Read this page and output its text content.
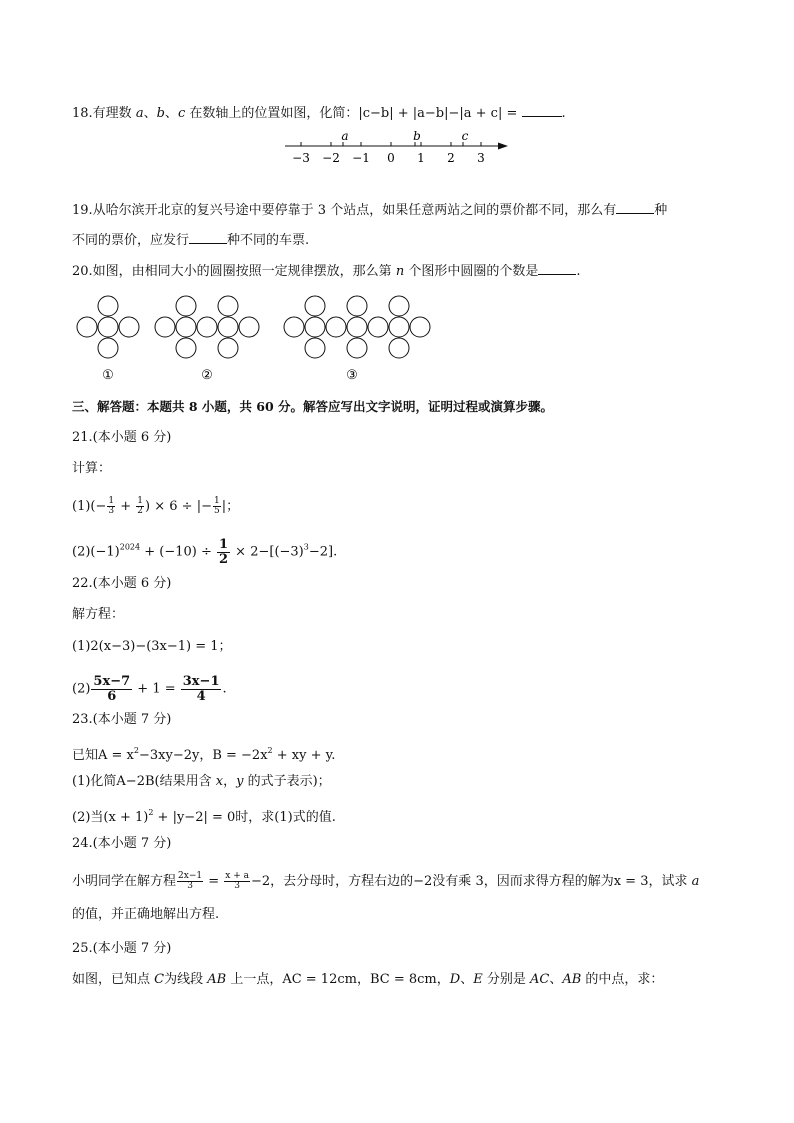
18.有理数 a、b、c 在数轴上的位置如图，化简：|c−b| + |a−b|−|a + c| =	.
−3 −2 −1 0 1 2 3
a	b	c
19.从哈尔滨开北京的复兴号途中要停靠于 3 个站点，如果任意两站之间的票价都不同，那么有	种
不同的票价，应发行	种不同的车票.
20.如图，由相同大小的圆圈按照一定规律摆放，那么第 n 个图形中圆圈的个数是	.
①	②	③
三、解答题：本题共 8 小题，共 60 分。解答应写出文字说明，证明过程或演算步骤。
21.(本小题 6 分)
计算：
$(1)(- \frac{1}{3} + \frac{1}{2}$ ) × 6 ÷ |− $\frac{1}{5}$ |；
$(2)(-1)^{2024} + (-10) \div \frac{1}{2} \times 2-[(-3)^3-2]$.
22.(本小题 6 分)
解方程：
(1)2(x−3)−(3x−1) = 1；
$(2) \frac{5x-7}{6} + 1 = \frac{3x-1}{4}$ .
23.(本小题 7 分)
已知$A = x^2-3xy-2y$，$B = -2x^2$ + xy + y.
(1)化简A−2B(结果用含 x，y 的式子表示)；
(2)当$(x + 1)^2 + |y-2| = 0$时，求(1)式的值.
24.(本小题 7 分)
小明同学在解方程 $\frac{2x-1}{3} = \frac{x + a}{3} -2$，去分母时，方程右边的−2没有乘 3，因而求得方程的解为x = 3，试求 a
的值，并正确地解出方程.
25.(本小题 7 分)
如图，已知点 C为线段 AB 上一点，AC = 12cm，BC = 8cm，D、E 分别是 AC、AB 的中点，求：
